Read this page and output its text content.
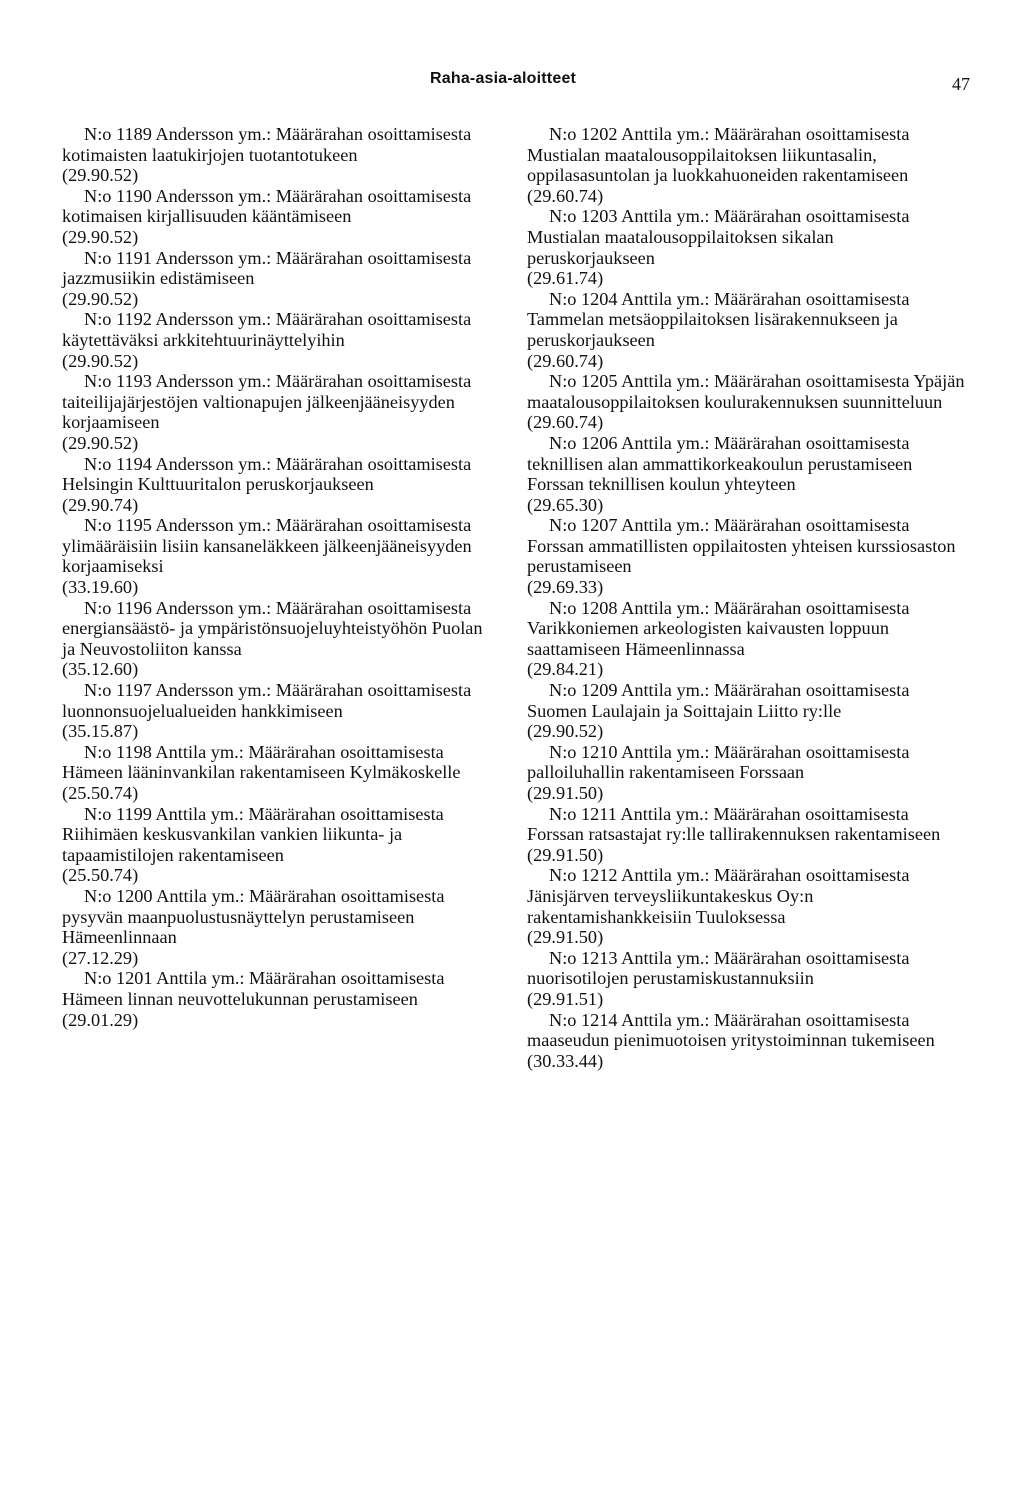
Raha-asia-aloitteet	47

N:o 1189 Andersson ym.: Määrärahan osoittamisesta kotimaisten laatukirjojen tuotantotukeen

(29.90.52)

N:o 1190 Andersson ym.: Määrärahan osoittamisesta kotimaisen kirjallisuuden kääntämiseen

(29.90.52)

N:o 1191 Andersson ym.: Määrärahan osoittamisesta jazzmusiikin edistämiseen

(29.90.52)

N:o 1192 Andersson ym.: Määrärahan osoittamisesta käytettäväksi arkkitehtuurinäyttelyihin

(29.90.52)

N:o 1193 Andersson ym.: Määrärahan osoittamisesta taiteilijajärjestöjen valtionapujen jälkeenjääneisyyden korjaamiseen

(29.90.52)

N:o 1194 Andersson ym.: Määrärahan osoittamisesta Helsingin Kulttuuritalon peruskorjaukseen

(29.90.74)

N:o 1195 Andersson ym.: Määrärahan osoittamisesta ylimääräisiin lisiin kansaneläkkeen jälkeenjääneisyyden korjaamiseksi

(33.19.60)

N:o 1196 Andersson ym.: Määrärahan osoittamisesta energiansäästö- ja ympäristönsuojeluyhteistyöhön Puolan ja Neuvostoliiton kanssa

(35.12.60)

N:o 1197 Andersson ym.: Määrärahan osoittamisesta luonnonsuojelualueiden hankkimiseen

(35.15.87)

N:o 1198 Anttila ym.: Määrärahan osoittamisesta Hämeen lääninvankilan rakentamiseen Kylmäkoskelle

(25.50.74)

N:o 1199 Anttila ym.: Määrärahan osoittamisesta Riihimäen keskusvankilan vankien liikunta- ja tapaamistilojen rakentamiseen

(25.50.74)

N:o 1200 Anttila ym.: Määrärahan osoittamisesta pysyvän maanpuolustusnäyttelyn perustamiseen Hämeenlinnaan

(27.12.29)

N:o 1201 Anttila ym.: Määrärahan osoittamisesta Hämeen linnan neuvottelukunnan perustamiseen

(29.01.29)

N:o 1202 Anttila ym.: Määrärahan osoittamisesta Mustialan maatalousoppilaitoksen liikuntasalin, oppilasasuntolan ja luokkahuoneiden rakentamiseen

(29.60.74)

N:o 1203 Anttila ym.: Määrärahan osoittamisesta Mustialan maatalousoppilaitoksen sikalan peruskorjaukseen

(29.61.74)

N:o 1204 Anttila ym.: Määrärahan osoittamisesta Tammelan metsäoppilaitoksen lisärakennukseen ja peruskorjaukseen

(29.60.74)

N:o 1205 Anttila ym.: Määrärahan osoittamisesta Ypäjän maatalousoppilaitoksen koulurakennuksen suunnitteluun

(29.60.74)

N:o 1206 Anttila ym.: Määrärahan osoittamisesta teknillisen alan ammattikorkeakoulun perustamiseen Forssan teknillisen koulun yhteyteen

(29.65.30)

N:o 1207 Anttila ym.: Määrärahan osoittamisesta Forssan ammatillisten oppilaitosten yhteisen kurssiosaston perustamiseen

(29.69.33)

N:o 1208 Anttila ym.: Määrärahan osoittamisesta Varikkoniemen arkeologisten kaivausten loppuun saattamiseen Hämeenlinnassa

(29.84.21)

N:o 1209 Anttila ym.: Määrärahan osoittamisesta Suomen Laulajain ja Soittajain Liitto ry:lle

(29.90.52)

N:o 1210 Anttila ym.: Määrärahan osoittamisesta palloiluhallin rakentamiseen Forssaan

(29.91.50)

N:o 1211 Anttila ym.: Määrärahan osoittamisesta Forssan ratsastajat ry:lle tallirakennuksen rakentamiseen

(29.91.50)

N:o 1212 Anttila ym.: Määrärahan osoittamisesta Jänisjärven terveysliikuntakeskus Oy:n rakentamishankkeisiin Tuuloksessa

(29.91.50)

N:o 1213 Anttila ym.: Määrärahan osoittamisesta nuorisotilojen perustamiskustannuksiin

(29.91.51)

N:o 1214 Anttila ym.: Määrärahan osoittamisesta maaseudun pienimuotoisen yritystoiminnan tukemiseen

(30.33.44)
